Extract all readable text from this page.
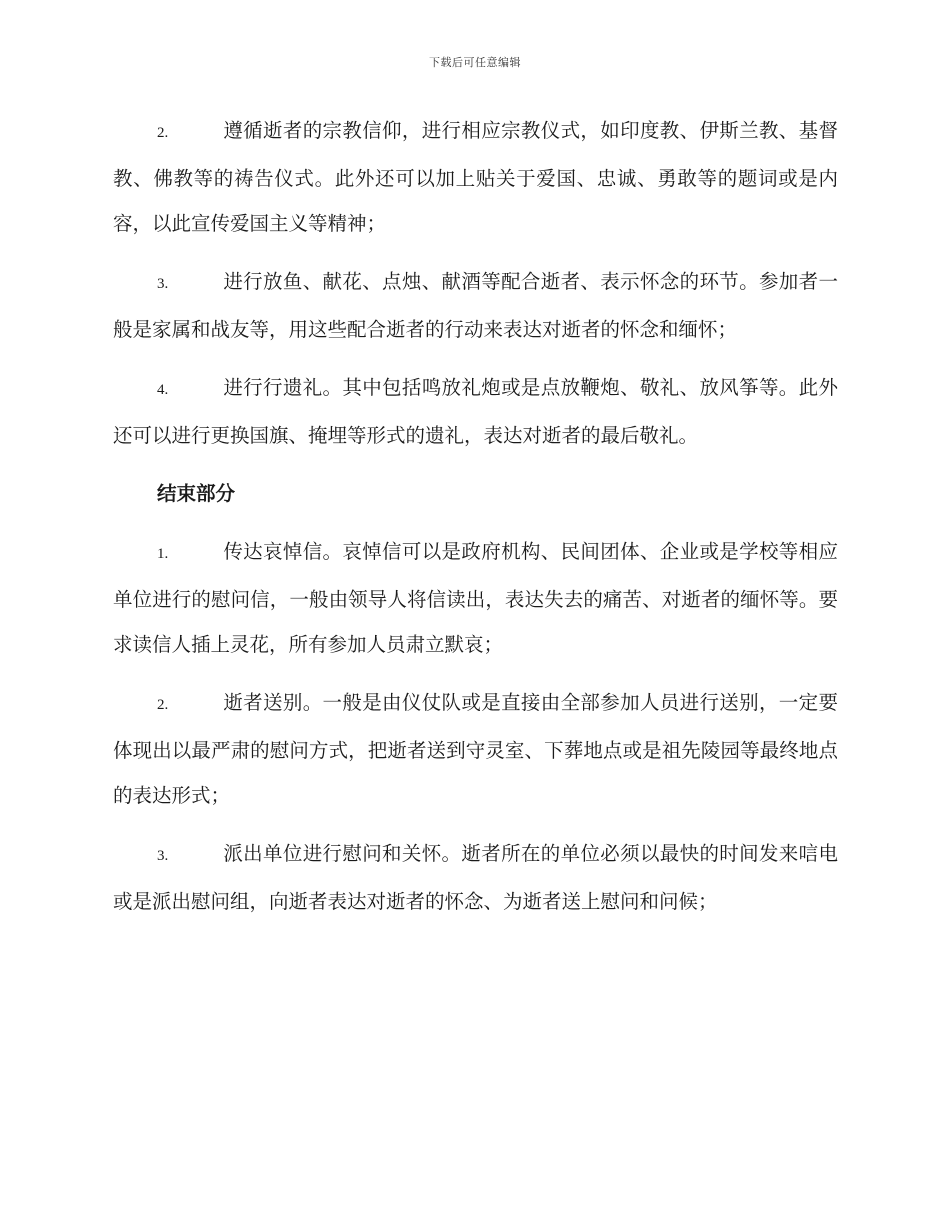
下载后可任意编辑

2.	遵循逝者的宗教信仰，进行相应宗教仪式，如印度教、伊斯兰教、基督教、佛教等的祷告仪式。此外还可以加上贴关于爱国、忠诚、勇敢等的题词或是内容，以此宣传爱国主义等精神；

3.	进行放鱼、献花、点烛、献酒等配合逝者、表示怀念的环节。参加者一般是家属和战友等，用这些配合逝者的行动来表达对逝者的怀念和缅怀；

4.	进行行遗礼。其中包括鸣放礼炮或是点放鞭炮、敬礼、放风筝等。此外还可以进行更换国旗、掩埋等形式的遗礼，表达对逝者的最后敬礼。

结束部分

1.	传达哀悼信。哀悼信可以是政府机构、民间团体、企业或是学校等相应单位进行的慰问信，一般由领导人将信读出，表达失去的痛苦、对逝者的缅怀等。要求读信人插上灵花，所有参加人员肃立默哀；

2.	逝者送别。一般是由仪仗队或是直接由全部参加人员进行送别，一定要体现出以最严肃的慰问方式，把逝者送到守灵室、下葬地点或是祖先陵园等最终地点的表达形式；

3.	派出单位进行慰问和关怀。逝者所在的单位必须以最快的时间发来唁电或是派出慰问组，向逝者表达对逝者的怀念、为逝者送上慰问和问候；
